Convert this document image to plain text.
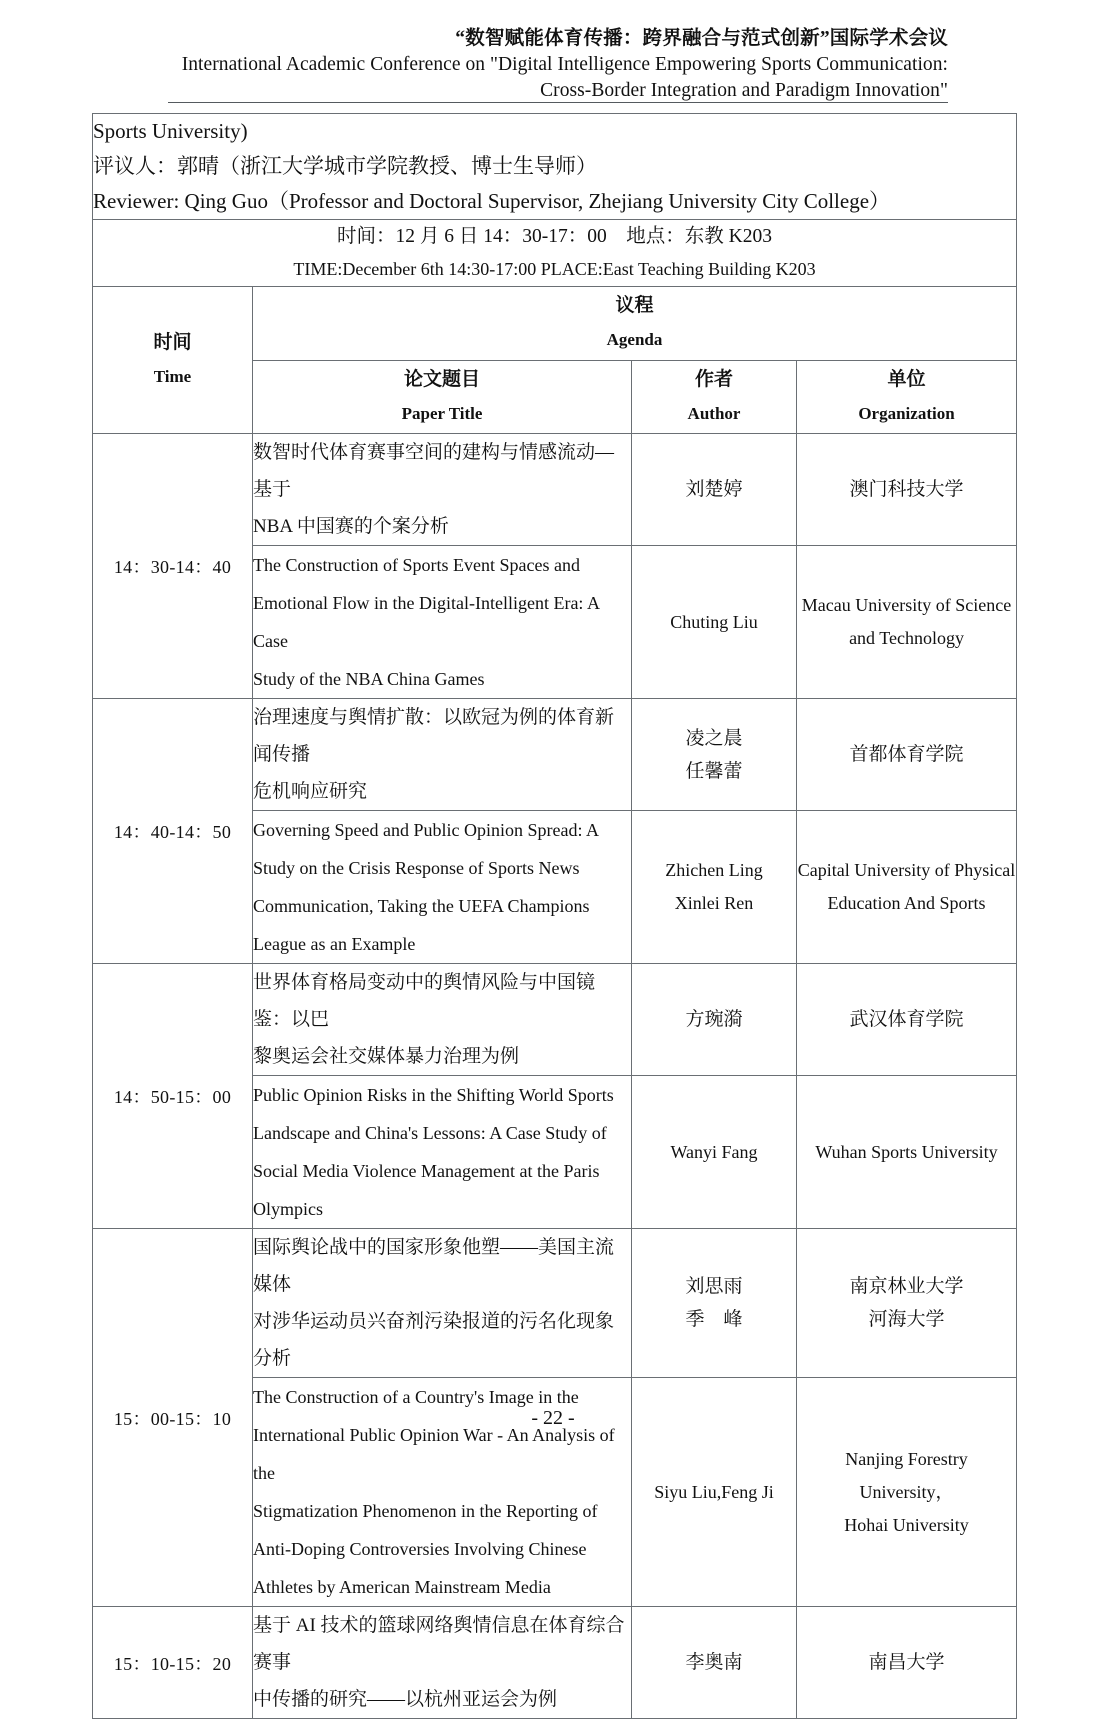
“数智赋能体育传播：跨界融合与范式创新”国际学术会议
International Academic Conference on "Digital Intelligence Empowering Sports Communication:
Cross-Border Integration and Paradigm Innovation"
Sports University)
评议人：郭晴（浙江大学城市学院教授、博士生导师）
Reviewer: Qing Guo（Professor and Doctoral Supervisor, Zhejiang University City College）			

时间：12 月 6 日 14：30-17：00　地点：东教 K203
TIME:December 6th 14:30-17:00 PLACE:East Teaching Building K203			

时间
Time	议程
Agenda		

	论文题目
Paper Title	作者
Author	单位
Organization

14：30-14：40	数智时代体育赛事空间的建构与情感流动—基于
NBA 中国赛的个案分析	刘楚婷	澳门科技大学

	The Construction of Sports Event Spaces and
Emotional Flow in the Digital-Intelligent Era: A Case
Study of the NBA China Games	Chuting Liu	Macau University of Science
and Technology

14：40-14：50	治理速度与舆情扩散：以欧冠为例的体育新闻传播
危机响应研究	凌之晨
任馨蕾	首都体育学院

	Governing Speed and Public Opinion Spread: A
Study on the Crisis Response of Sports News
Communication, Taking the UEFA Champions
League as an Example	Zhichen Ling
Xinlei Ren	Capital University of Physical
Education And Sports

14：50-15：00	世界体育格局变动中的舆情风险与中国镜鉴：以巴
黎奥运会社交媒体暴力治理为例	方琬漪	武汉体育学院

	Public Opinion Risks in the Shifting World Sports
Landscape and China's Lessons: A Case Study of
Social Media Violence Management at the Paris
Olympics	Wanyi Fang	Wuhan Sports University
15：00-15：10	国际舆论战中的国家形象他塑——美国主流媒体
对涉华运动员兴奋剂污染报道的污名化现象分析	刘思雨
季　峰	南京林业大学
河海大学

	The Construction of a Country's Image in the
International Public Opinion War - An Analysis of the
Stigmatization Phenomenon in the Reporting of
Anti-Doping Controversies Involving Chinese
Athletes by American Mainstream Media	Siyu Liu,Feng Ji	Nanjing Forestry University，
Hohai University

15：10-15：20	基于 AI 技术的篮球网络舆情信息在体育综合赛事
中传播的研究——以杭州亚运会为例	李奥南	南昌大学
- 22 -
